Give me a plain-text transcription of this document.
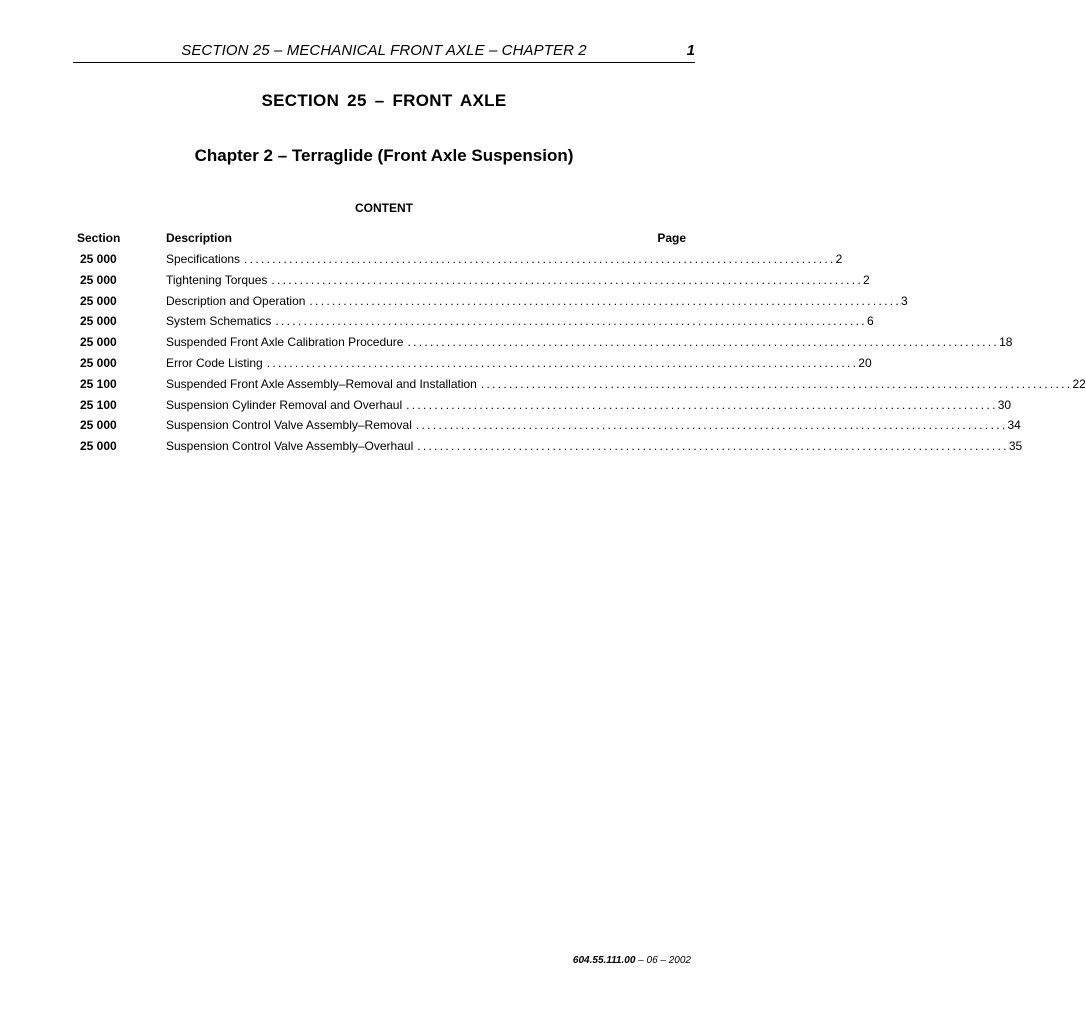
SECTION 25 – MECHANICAL FRONT AXLE – CHAPTER 2	1
SECTION 25 – FRONT AXLE
Chapter 2 – Terraglide (Front Axle Suspension)
CONTENT
Section	Description	Page
25 000	Specifications ......................................................................................................... 2
25 000	Tightening Torques ......................................................................................................... 2
25 000	Description and Operation ......................................................................................................... 3
25 000	System Schematics ......................................................................................................... 6
25 000	Suspended Front Axle Calibration Procedure ......................................................................................................... 18
25 000	Error Code Listing ......................................................................................................... 20
25 100	Suspended Front Axle Assembly–Removal and Installation ......................................................................................................... 22
25 100	Suspension Cylinder Removal and Overhaul ......................................................................................................... 30
25 000	Suspension Control Valve Assembly–Removal ......................................................................................................... 34
25 000	Suspension Control Valve Assembly–Overhaul ......................................................................................................... 35
604.55.111.00 – 06 – 2002
